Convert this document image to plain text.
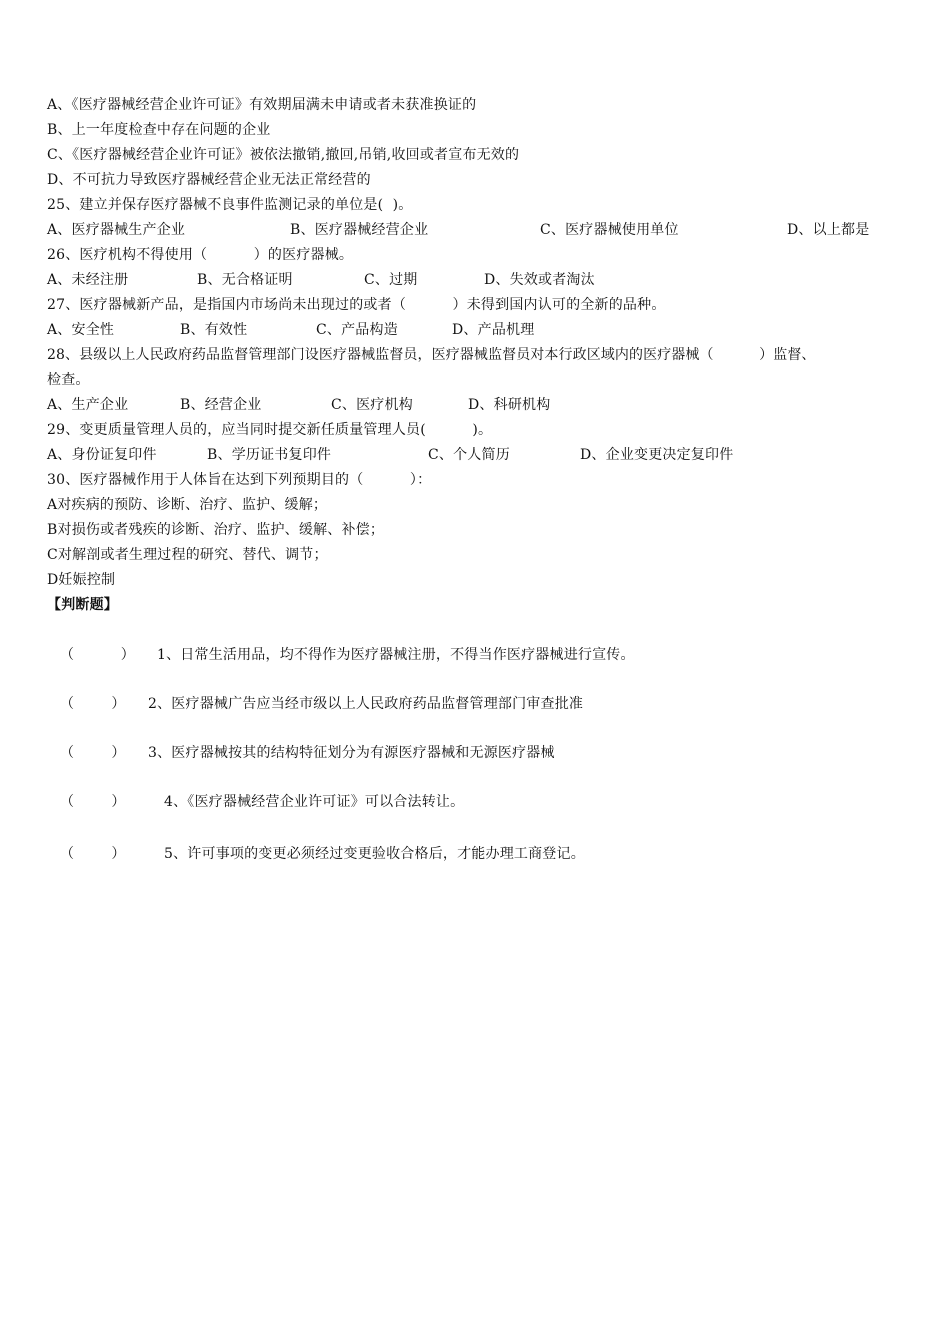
A、《医疗器械经营企业许可证》有效期届满未申请或者未获准换证的
B、上一年度检查中存在问题的企业
C、《医疗器械经营企业许可证》被依法撤销,撤回,吊销,收回或者宣布无效的
D、不可抗力导致医疗器械经营企业无法正常经营的
25、建立并保存医疗器械不良事件监测记录的单位是(  )。

A、医疗器械生产企业

	B、医疗器械经营企业

	C、医疗器械使用单位

	D、以上都是

26、医疗机构不得使用（          ）的医疗器械。

A、未经注册

	B、无合格证明

	C、过期

	D、失效或者淘汰

27、医疗器械新产品，是指国内市场尚未出现过的或者（          ）未得到国内认可的全新的品种。

A、安全性

	B、有效性

	C、产品构造

	D、产品机理

28、县级以上人民政府药品监督管理部门设医疗器械监督员，医疗器械监督员对本行政区域内的医疗器械（          ）监督、
检查。

A、生产企业

	B、经营企业

	C、医疗机构

	D、科研机构

29、变更质量管理人员的，应当同时提交新任质量管理人员(          )。

A、身份证复印件

	B、学历证书复印件

	C、个人简历

	D、企业变更决定复印件

30、医疗器械作用于人体旨在达到下列预期目的（          ）：
A对疾病的预防、诊断、治疗、监护、缓解；
B对损伤或者残疾的诊断、治疗、监护、缓解、补偿；
C对解剖或者生理过程的研究、替代、调节；
D妊娠控制
【判断题】

（          ）

1、日常生活用品，均不得作为医疗器械注册，不得当作医疗器械进行宣传。

（        ）

2、医疗器械广告应当经市级以上人民政府药品监督管理部门审查批准

（        ）

3、医疗器械按其的结构特征划分为有源医疗器械和无源医疗器械

（        ）

	4、《医疗器械经营企业许可证》可以合法转让。

（        ）

	5、许可事项的变更必须经过变更验收合格后，才能办理工商登记。
